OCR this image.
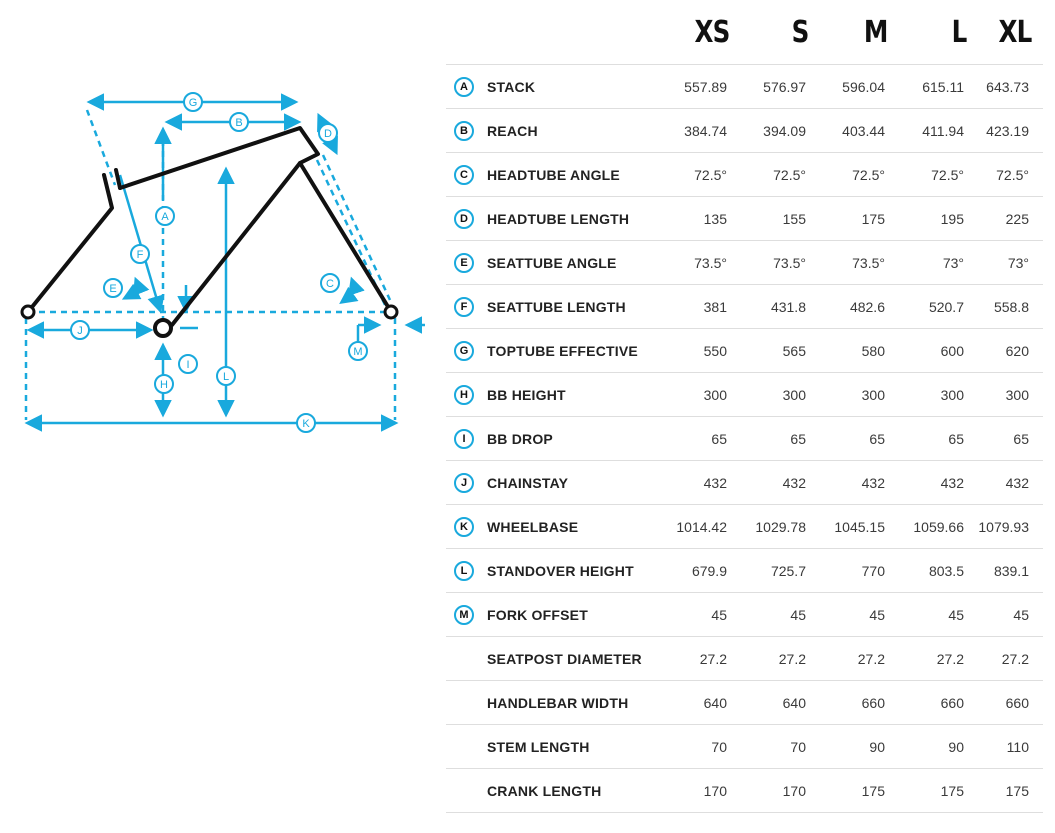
A
B
C
D
E
F
G
H
I
J
K
L
M
		XS	S	M	L	XL
A	STACK	557.89	576.97	596.04	615.11	643.73
B	REACH	384.74	394.09	403.44	411.94	423.19
C	HEADTUBE ANGLE	72.5°	72.5°	72.5°	72.5°	72.5°
D	HEADTUBE LENGTH	135	155	175	195	225
E	SEATTUBE ANGLE	73.5°	73.5°	73.5°	73°	73°
F	SEATTUBE LENGTH	381	431.8	482.6	520.7	558.8
G	TOPTUBE EFFECTIVE	550	565	580	600	620
H	BB HEIGHT	300	300	300	300	300
I	BB DROP	65	65	65	65	65
J	CHAINSTAY	432	432	432	432	432
K	WHEELBASE	1014.42	1029.78	1045.15	1059.66	1079.93
L	STANDOVER HEIGHT	679.9	725.7	770	803.5	839.1
M	FORK OFFSET	45	45	45	45	45
	SEATPOST DIAMETER	27.2	27.2	27.2	27.2	27.2
	HANDLEBAR WIDTH	640	640	660	660	660
	STEM LENGTH	70	70	90	90	110
	CRANK LENGTH	170	170	175	175	175
